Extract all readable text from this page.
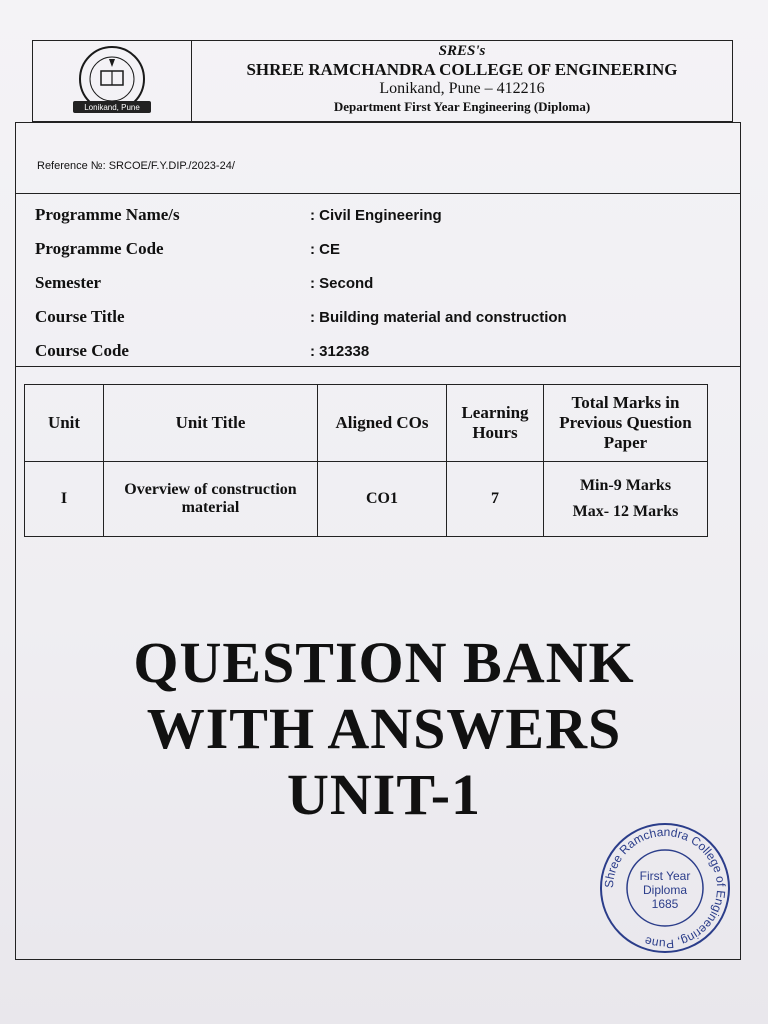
Lonikand, Pune
SRES's
SHREE RAMCHANDRA COLLEGE OF ENGINEERING
Lonikand, Pune – 412216
Department First Year Engineering (Diploma)
Reference №: SRCOE/F.Y.DIP./2023-24/
Programme Name/s	: Civil Engineering
Programme Code	: CE
Semester	: Second
Course Title	: Building material and construction
Course Code	: 312338
Unit	Unit Title	Aligned COs	Learning Hours	Total Marks in Previous Question Paper
I	Overview of construction material	CO1	7	Min-9 Marks
Max- 12 Marks
QUESTION BANK
WITH ANSWERS
UNIT-1
Shree Ramchandra College of Engineering, Pune
First Year
Diploma
1685
